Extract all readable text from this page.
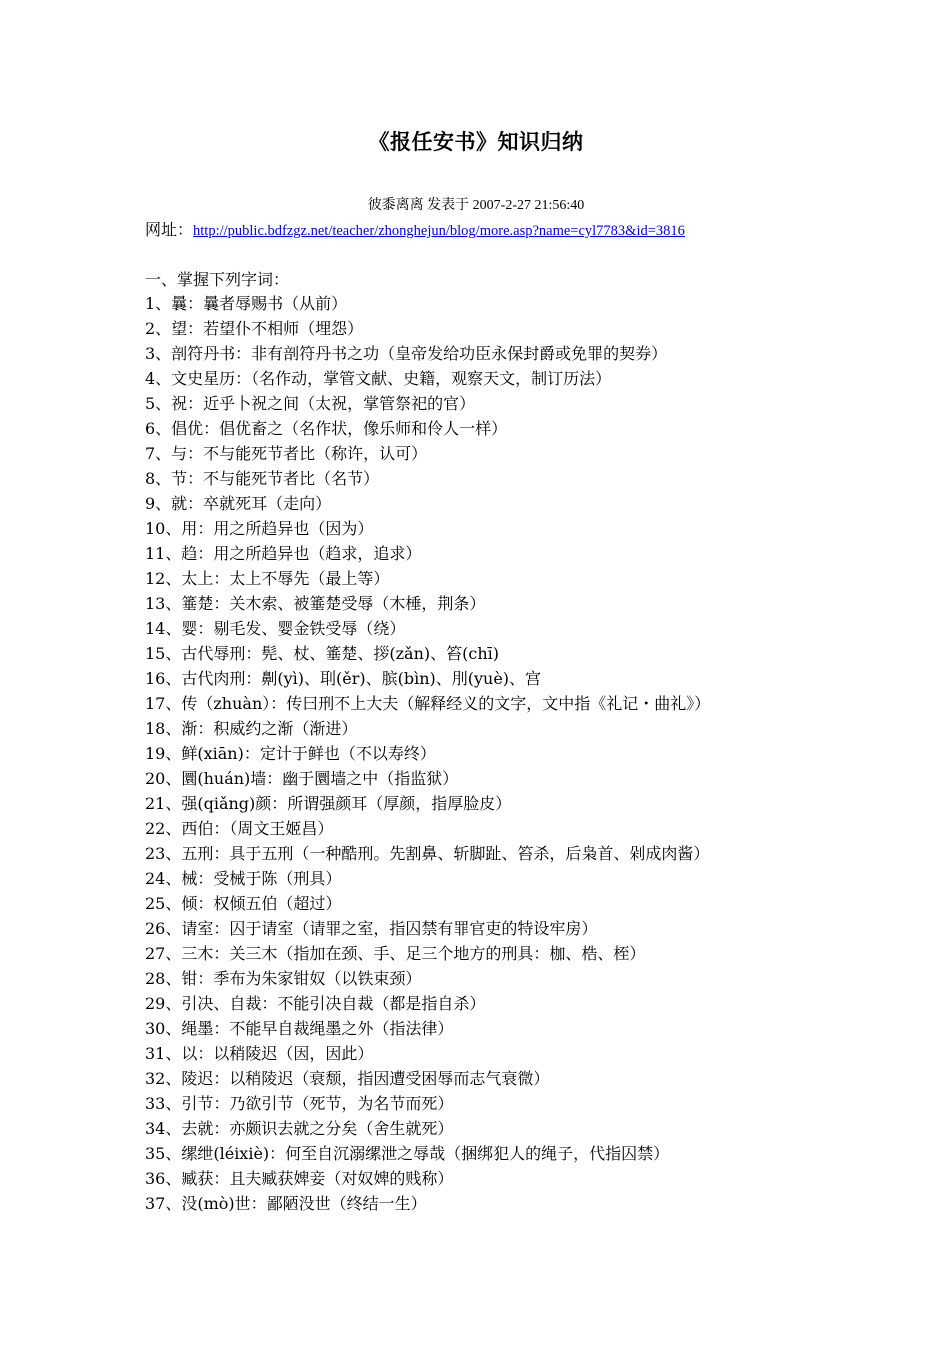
《报任安书》知识归纳
彼黍离离 发表于 2007-2-27 21:56:40
网址：http://public.bdfzgz.net/teacher/zhonghejun/blog/more.asp?name=cyl7783&id=3816
一、掌握下列字词：
1、曩：曩者辱赐书（从前）
2、望：若望仆不相师（埋怨）
3、剖符丹书：非有剖符丹书之功（皇帝发给功臣永保封爵或免罪的契券）
4、文史星历：（名作动，掌管文献、史籍，观察天文，制订历法）
5、祝：近乎卜祝之间（太祝，掌管祭祀的官）
6、倡优：倡优畜之（名作状，像乐师和伶人一样）
7、与：不与能死节者比（称许，认可）
8、节：不与能死节者比（名节）
9、就：卒就死耳（走向）
10、用：用之所趋异也（因为）
11、趋：用之所趋异也（趋求，追求）
12、太上：太上不辱先（最上等）
13、箠楚：关木索、被箠楚受辱（木棰，荆条）
14、婴：剔毛发、婴金铁受辱（绕）
15、古代辱刑：髡、杖、箠楚、拶(zǎn)、笞(chī)
16、古代肉刑：劓(yì)、刵(ěr)、膑(bìn)、刖(yuè)、宫
17、传（zhuàn）：传曰刑不上大夫（解释经义的文字，文中指《礼记・曲礼》）
18、渐：积威约之渐（渐进）
19、鲜(xiān)：定计于鲜也（不以寿终）
20、圜(huán)墙：幽于圜墙之中（指监狱）
21、强(qiǎng)颜：所谓强颜耳（厚颜，指厚脸皮）
22、西伯：（周文王姬昌）
23、五刑：具于五刑（一种酷刑。先割鼻、斩脚趾、笞杀，后枭首、剁成肉酱）
24、械：受械于陈（刑具）
25、倾：权倾五伯（超过）
26、请室：囚于请室（请罪之室，指囚禁有罪官吏的特设牢房）
27、三木：关三木（指加在颈、手、足三个地方的刑具：枷、梏、桎）
28、钳：季布为朱家钳奴（以铁束颈）
29、引决、自裁：不能引决自裁（都是指自杀）
30、绳墨：不能早自裁绳墨之外（指法律）
31、以：以稍陵迟（因，因此）
32、陵迟：以稍陵迟（衰颓，指因遭受困辱而志气衰微）
33、引节：乃欲引节（死节，为名节而死）
34、去就：亦颇识去就之分矣（舍生就死）
35、缧绁(léixiè)：何至自沉溺缧泄之辱哉（捆绑犯人的绳子，代指囚禁）
36、臧获：且夫臧获婢妾（对奴婢的贱称）
37、没(mò)世：鄙陋没世（终结一生）
